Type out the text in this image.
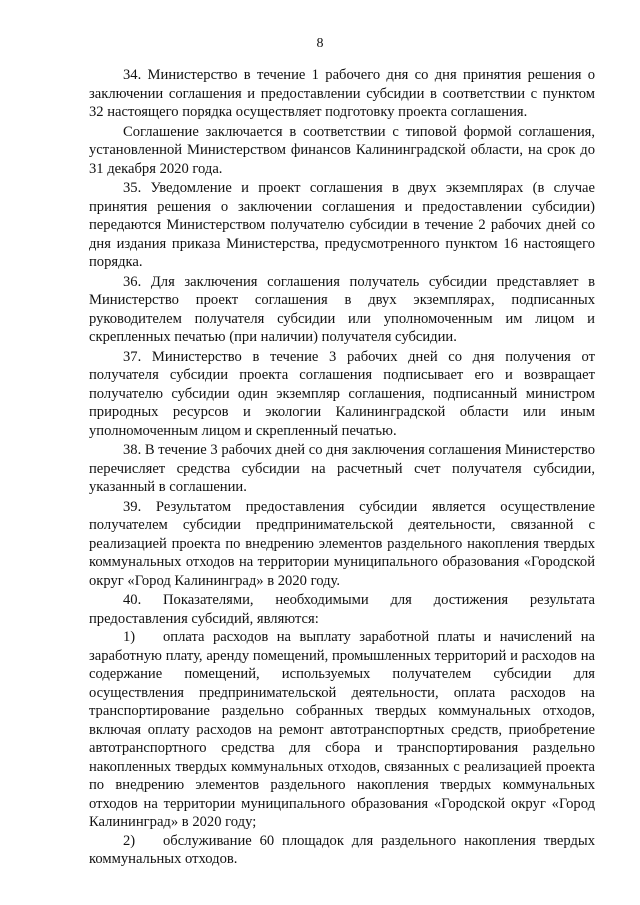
8

34. Министерство в течение 1 рабочего дня со дня принятия решения о заключении соглашения и предоставлении субсидии в соответствии с пунктом 32 настоящего порядка осуществляет подготовку проекта соглашения.

Соглашение заключается в соответствии с типовой формой соглашения, установленной Министерством финансов Калининградской области, на срок до 31 декабря 2020 года.

35. Уведомление и проект соглашения в двух экземплярах (в случае принятия решения о заключении соглашения и предоставлении субсидии) передаются Министерством получателю субсидии в течение 2 рабочих дней со дня издания приказа Министерства, предусмотренного пунктом 16 настоящего порядка.

36. Для заключения соглашения получатель субсидии представляет в Министерство проект соглашения в двух экземплярах, подписанных руководителем получателя субсидии или уполномоченным им лицом и скрепленных печатью (при наличии) получателя субсидии.

37. Министерство в течение 3 рабочих дней со дня получения от получателя субсидии проекта соглашения подписывает его и возвращает получателю субсидии один экземпляр соглашения, подписанный министром природных ресурсов и экологии Калининградской области или иным уполномоченным лицом и скрепленный печатью.

38. В течение 3 рабочих дней со дня заключения соглашения Министерство перечисляет средства субсидии на расчетный счет получателя субсидии, указанный в соглашении.

39. Результатом предоставления субсидии является осуществление получателем субсидии предпринимательской деятельности, связанной с реализацией проекта по внедрению элементов раздельного накопления твердых коммунальных отходов на территории муниципального образования «Городской округ «Город Калининград» в 2020 году.

40. Показателями, необходимыми для достижения результата предоставления субсидий, являются:

1) оплата расходов на выплату заработной платы и начислений на заработную плату, аренду помещений, промышленных территорий и расходов на содержание помещений, используемых получателем субсидии для осуществления предпринимательской деятельности, оплата расходов на транспортирование раздельно собранных твердых коммунальных отходов, включая оплату расходов на ремонт автотранспортных средств, приобретение автотранспортного средства для сбора и транспортирования раздельно накопленных твердых коммунальных отходов, связанных с реализацией проекта по внедрению элементов раздельного накопления твердых коммунальных отходов на территории муниципального образования «Городской округ «Город Калининград» в 2020 году;

2) обслуживание 60 площадок для раздельного накопления твердых коммунальных отходов.
